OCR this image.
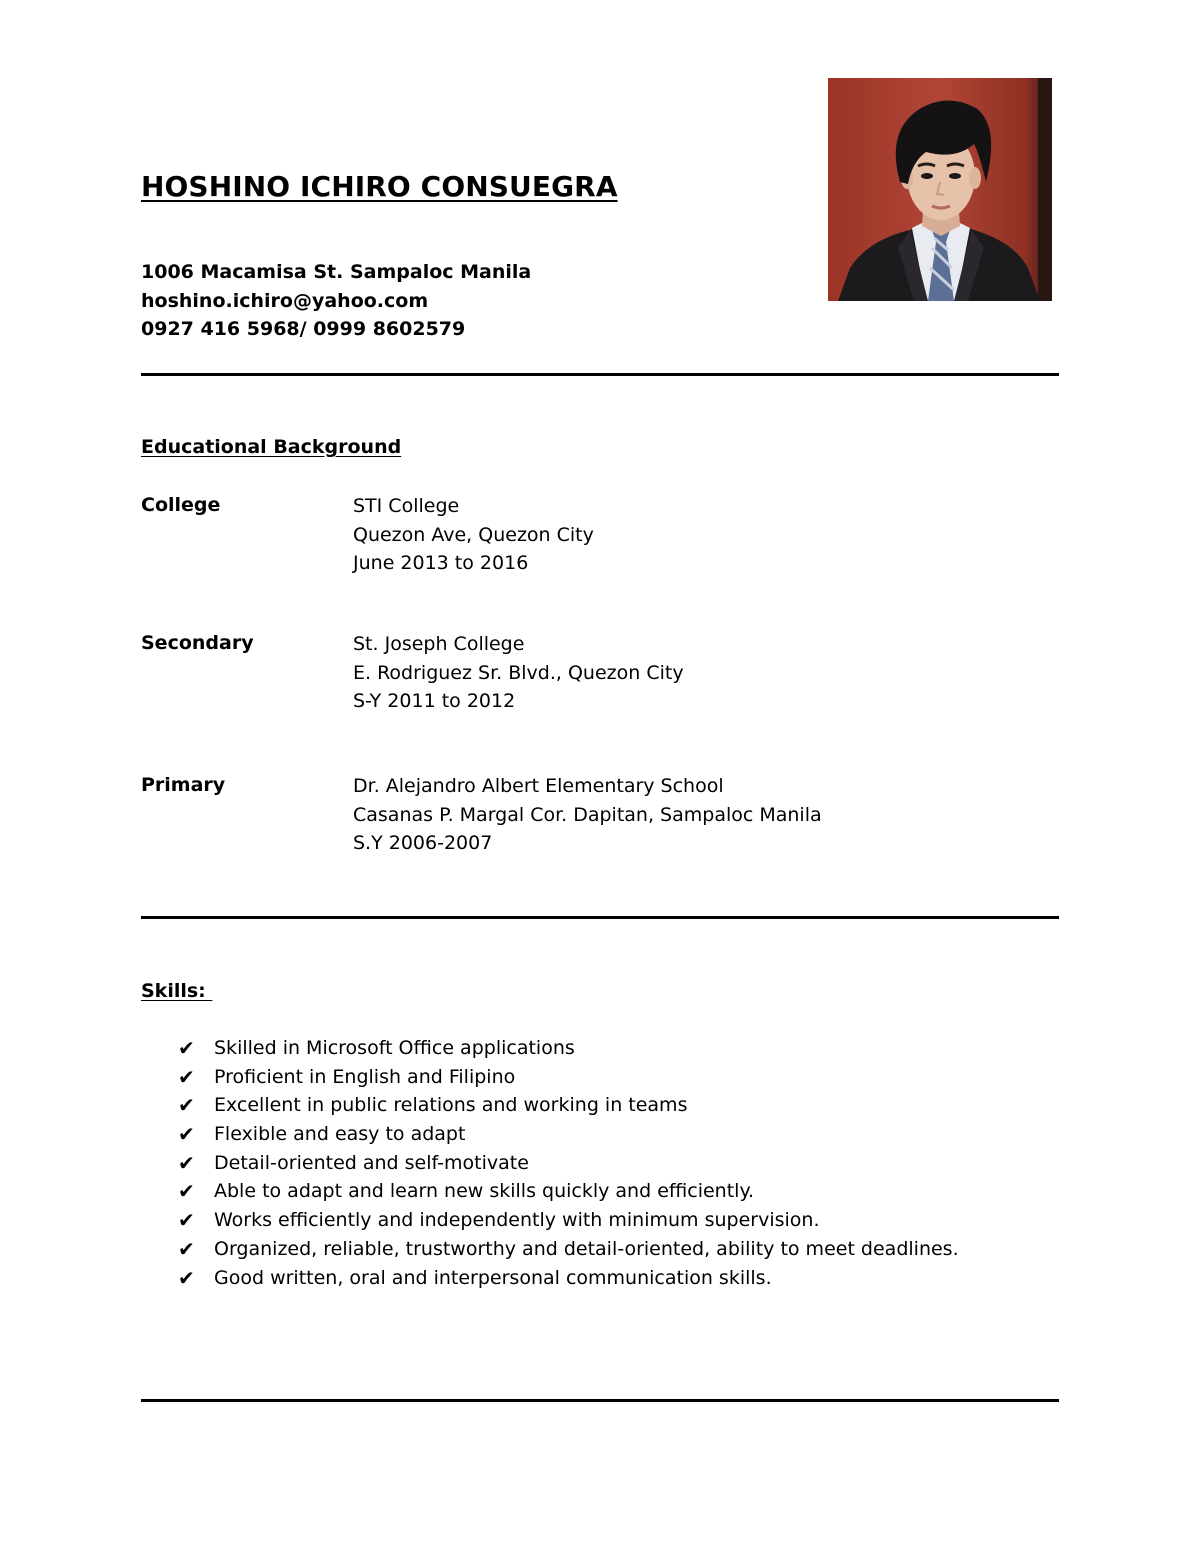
HOSHINO ICHIRO CONSUEGRA
1006 Macamisa St. Sampaloc Manila
hoshino.ichiro@yahoo.com
0927 416 5968/ 0999 8602579
Educational Background
College	STI College
Quezon Ave, Quezon City
June 2013 to 2016
Secondary	St. Joseph College
E. Rodriguez Sr. Blvd., Quezon City
S-Y 2011 to 2012
Primary	Dr. Alejandro Albert Elementary School
Casanas P. Margal Cor. Dapitan, Sampaloc Manila
S.Y 2006-2007
Skills:
✔	Skilled in Microsoft Office applications
✔	Proficient in English and Filipino
✔	Excellent in public relations and working in teams
✔	Flexible and easy to adapt
✔	Detail-oriented and self-motivate
✔	Able to adapt and learn new skills quickly and efficiently.
✔	Works efficiently and independently with minimum supervision.
✔	Organized, reliable, trustworthy and detail-oriented, ability to meet deadlines.
✔	Good written, oral and interpersonal communication skills.
